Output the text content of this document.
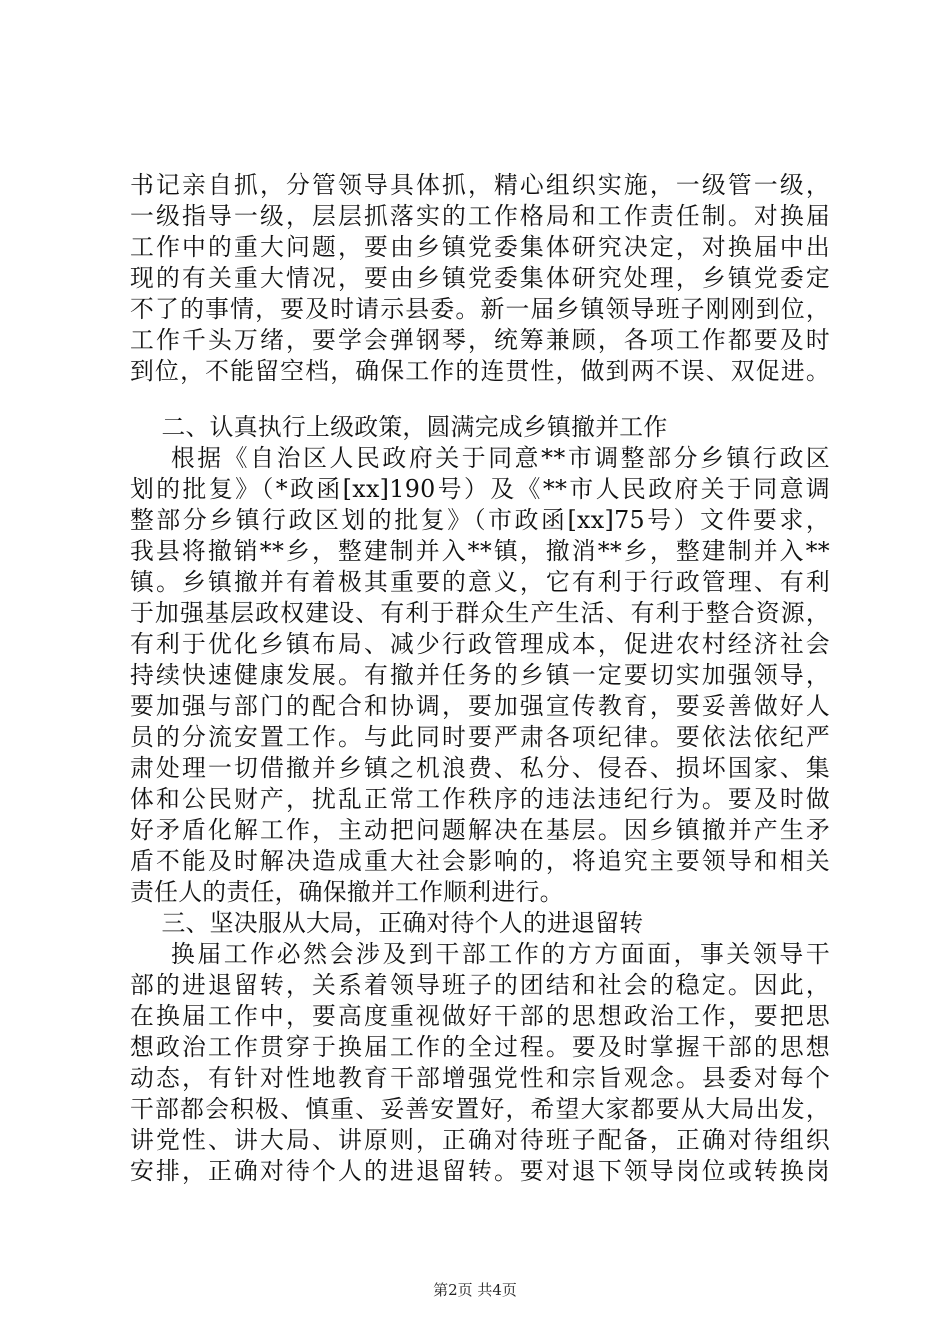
书记亲自抓，分管领导具体抓，精心组织实施，一级管一级，
一级指导一级，层层抓落实的工作格局和工作责任制。对换届
工作中的重大问题，要由乡镇党委集体研究决定，对换届中出
现的有关重大情况，要由乡镇党委集体研究处理，乡镇党委定
不了的事情，要及时请示县委。新一届乡镇领导班子刚刚到位，
工作千头万绪，要学会弹钢琴，统筹兼顾，各项工作都要及时
到位，不能留空档，确保工作的连贯性，做到两不误、双促进。
二、认真执行上级政策，圆满完成乡镇撤并工作
根据《自治区人民政府关于同意**市调整部分乡镇行政区
划的批复》（*政函[xx]190号）及《**市人民政府关于同意调
整部分乡镇行政区划的批复》（市政函[xx]75号）文件要求，
我县将撤销**乡，整建制并入**镇，撤消**乡，整建制并入**
镇。乡镇撤并有着极其重要的意义，它有利于行政管理、有利
于加强基层政权建设、有利于群众生产生活、有利于整合资源，
有利于优化乡镇布局、减少行政管理成本，促进农村经济社会
持续快速健康发展。有撤并任务的乡镇一定要切实加强领导，
要加强与部门的配合和协调，要加强宣传教育，要妥善做好人
员的分流安置工作。与此同时要严肃各项纪律。要依法依纪严
肃处理一切借撤并乡镇之机浪费、私分、侵吞、损坏国家、集
体和公民财产，扰乱正常工作秩序的违法违纪行为。要及时做
好矛盾化解工作，主动把问题解决在基层。因乡镇撤并产生矛
盾不能及时解决造成重大社会影响的，将追究主要领导和相关
责任人的责任，确保撤并工作顺利进行。
三、坚决服从大局，正确对待个人的进退留转
换届工作必然会涉及到干部工作的方方面面，事关领导干
部的进退留转，关系着领导班子的团结和社会的稳定。因此，
在换届工作中，要高度重视做好干部的思想政治工作，要把思
想政治工作贯穿于换届工作的全过程。要及时掌握干部的思想
动态，有针对性地教育干部增强党性和宗旨观念。县委对每个
干部都会积极、慎重、妥善安置好，希望大家都要从大局出发，
讲党性、讲大局、讲原则，正确对待班子配备，正确对待组织
安排，正确对待个人的进退留转。要对退下领导岗位或转换岗
第2页 共4页
